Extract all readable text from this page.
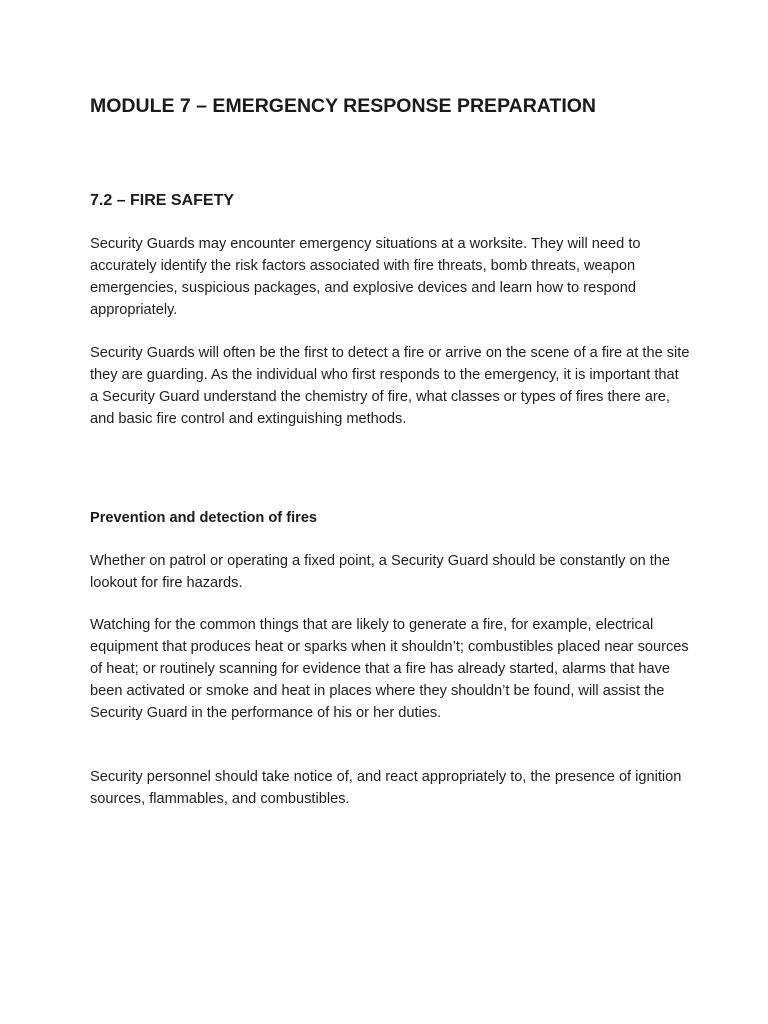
MODULE 7 – EMERGENCY RESPONSE PREPARATION
7.2 – FIRE SAFETY

Security Guards may encounter emergency situations at a worksite. They will need to accurately identify the risk factors associated with fire threats, bomb threats, weapon emergencies, suspicious packages, and explosive devices and learn how to respond appropriately.

Security Guards will often be the first to detect a fire or arrive on the scene of a fire at the site they are guarding. As the individual who first responds to the emergency, it is important that a Security Guard understand the chemistry of fire, what classes or types of fires there are, and basic fire control and extinguishing methods.

Prevention and detection of fires

Whether on patrol or operating a fixed point, a Security Guard should be constantly on the lookout for fire hazards.

Watching for the common things that are likely to generate a fire, for example, electrical equipment that produces heat or sparks when it shouldn’t; combustibles placed near sources of heat; or routinely scanning for evidence that a fire has already started, alarms that have been activated or smoke and heat in places where they shouldn’t be found, will assist the Security Guard in the performance of his or her duties.

Security personnel should take notice of, and react appropriately to, the presence of ignition sources, flammables, and combustibles.
